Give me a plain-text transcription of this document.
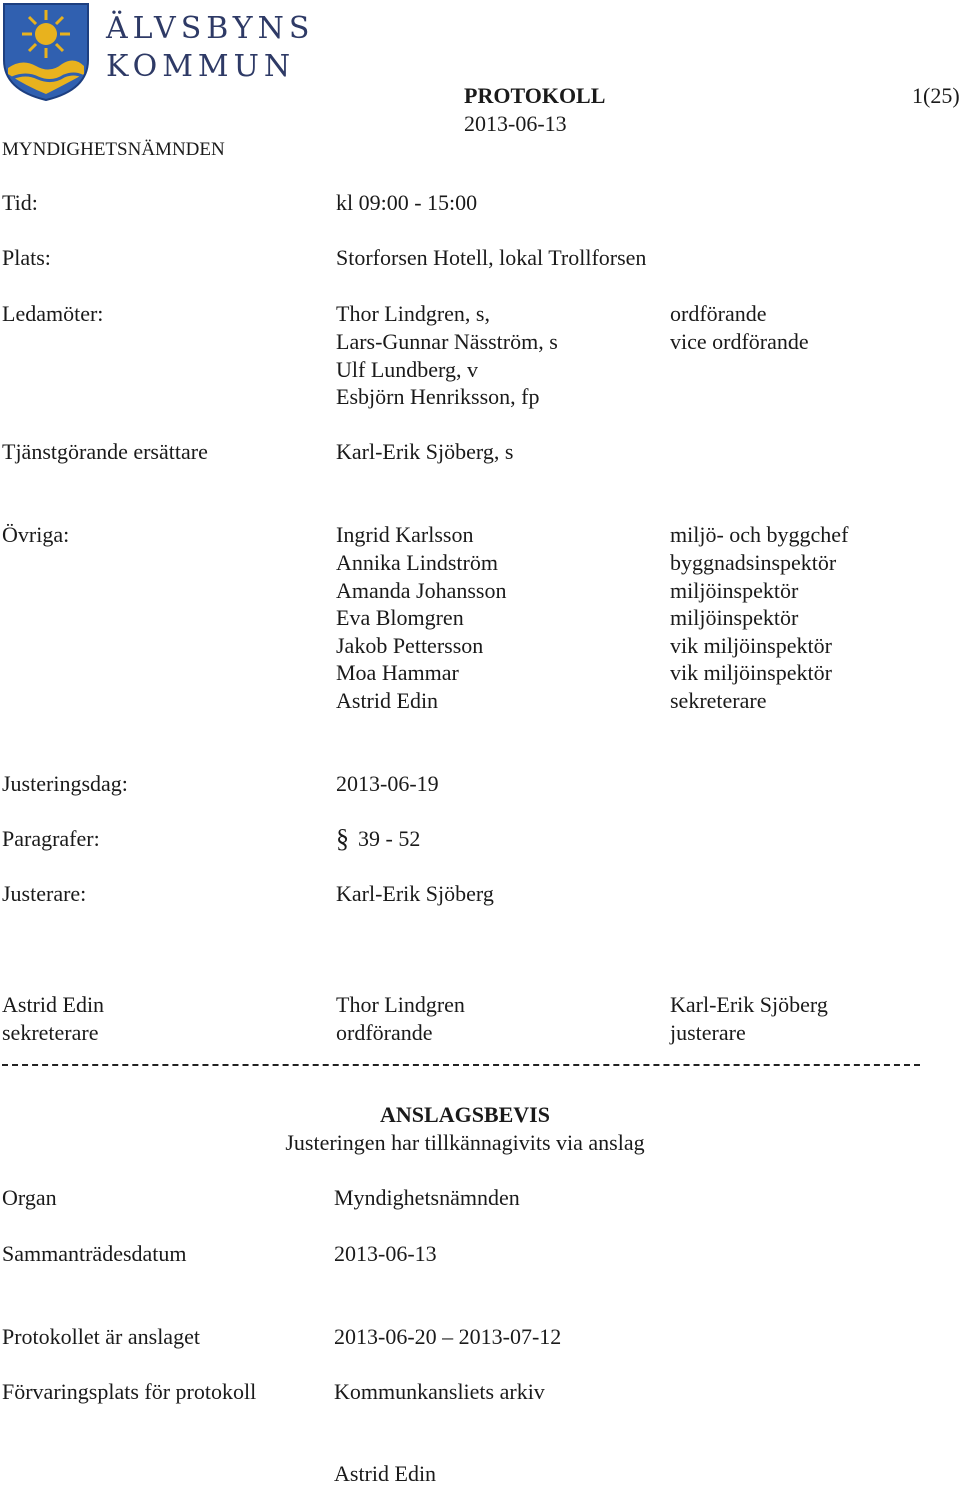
ÄLVSBYNS
KOMMUN
PROTOKOLL
2013-06-13
1(25)
MYNDIGHETSNÄMNDEN
Tid:	kl 09:00 - 15:00
Plats:	Storforsen Hotell, lokal Trollforsen
Ledamöter:	Thor Lindgren, s,	ordförande
Lars-Gunnar Näsström, s	vice ordförande
Ulf Lundberg, v
Esbjörn Henriksson, fp
Tjänstgörande ersättare	Karl-Erik Sjöberg, s
Övriga:	Ingrid Karlsson	miljö- och byggchef
Annika Lindström	byggnadsinspektör
Amanda Johansson	miljöinspektör
Eva Blomgren	miljöinspektör
Jakob Pettersson	vik miljöinspektör
Moa Hammar	vik miljöinspektör
Astrid Edin	sekreterare
Justeringsdag:	2013-06-19
Paragrafer:	§ 39 - 52
Justerare:	Karl-Erik Sjöberg
Astrid Edin
sekreterare
Thor Lindgren
ordförande
Karl-Erik Sjöberg
justerare
ANSLAGSBEVIS
Justeringen har tillkännagivits via anslag
Organ	Myndighetsnämnden
Sammanträdesdatum	2013-06-13
Protokollet är anslaget	2013-06-20 – 2013-07-12
Förvaringsplats för protokoll	Kommunkansliets arkiv
Astrid Edin
